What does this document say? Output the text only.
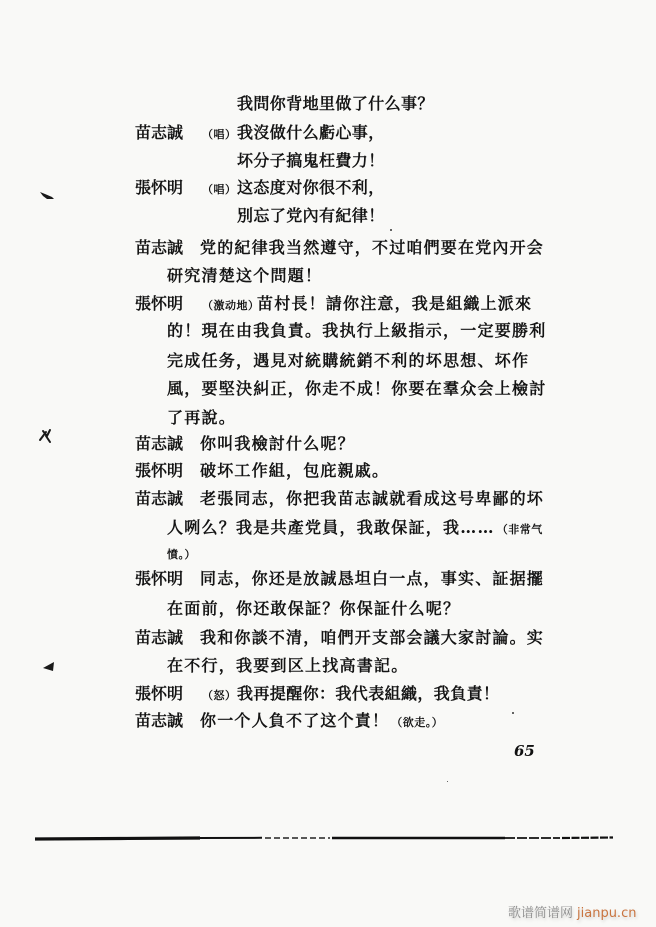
我問你背地里做了什么事？
苗志誠 （唱） 我沒做什么虧心事，
坏分子搞鬼枉費力！
張怀明 （唱） 这态度对你很不利，
別忘了党內有紀律！
苗志誠 党的紀律我当然遵守，不过咱們要在党內开会
研究清楚这个問題！
張怀明 （激动地）
苗村長！請你注意，我是組織上派來
的！現在由我負責。我执行上級指示，一定要勝利
完成任务，遇見对統購統銷不利的坏思想、坏作
風，要堅決糾正，你走不成！你要在羣众会上檢討
了再說。
苗志誠 你叫我檢討什么呢？
張怀明 破坏工作組，包庇親戚。
苗志誠 老張同志，你把我苗志誠就看成这号卑鄙的坏
人咧么？我是共產党員，我敢保証，我…… （非常气
憤。）
張怀明 同志，你还是放誠恳坦白一点，事实、証据擺
在面前，你还敢保証？你保証什么呢？
苗志誠 我和你談不清，咱們开支部会議大家討論。实
在不行，我要到区上找高書記。
張怀明 （怒） 我再提醒你：我代表組織，我負責！
苗志誠 你一个人負不了这个責！ （欲走。）
65
歌谱简谱网 jianpu.cn
